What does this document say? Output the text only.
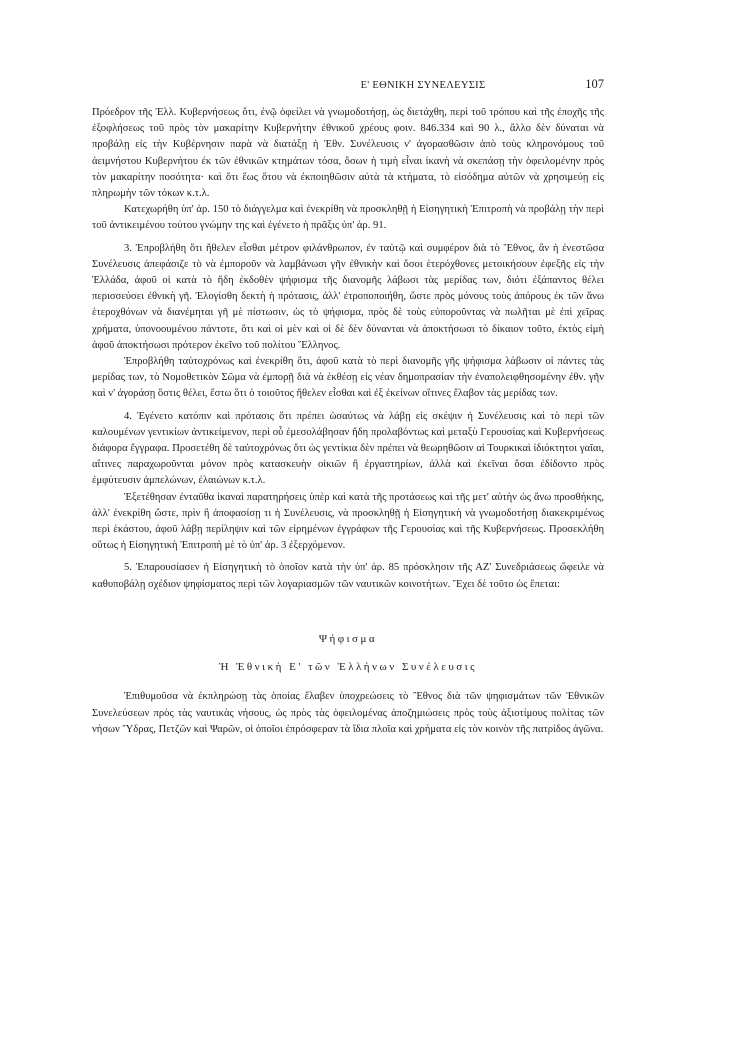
Ε' ΕΘΝΙΚΗ ΣΥΝΕΛΕΥΣΙΣ	107

Πρόεδρον τῆς Ἑλλ. Κυβερνήσεως ὅτι, ἐνῷ ὀφείλει νὰ γνωμοδοτήσῃ, ὡς διετάχθη, περὶ τοῦ τρόπου καὶ τῆς ἐποχῆς τῆς ἐξοφλήσεως τοῦ πρὸς τὸν μακαρίτην Κυβερνήτην ἐθνικοῦ χρέους φοιν. 846.334 καὶ 90 λ., ἄλλο δὲν δύναται νὰ προβάλῃ εἰς τὴν Κυβέρνησιν παρὰ νὰ διατάξῃ ἡ Ἐθν. Συνέλευσις ν' ἀγορασθῶσιν ἀπὸ τοὺς κληρονόμους τοῦ ἀειμνήστου Κυβερνήτου ἐκ τῶν ἐθνικῶν κτημάτων τόσα, ὅσων ἡ τιμὴ εἶναι ἱκανὴ νὰ σκεπάσῃ τὴν ὀφειλομένην πρὸς τὸν μακαρίτην ποσότητα· καὶ ὅτι ἕως ὅτου νὰ ἐκποιηθῶσιν αὐτὰ τὰ κτήματα, τὸ εἰσόδημα αὐτῶν νὰ χρησιμεύῃ εἰς πληρωμὴν τῶν τόκων κ.τ.λ.

Κατεχωρήθη ὑπ' ἀρ. 150 τὸ διάγγελμα καὶ ἐνεκρίθη νὰ προσκληθῇ ἡ Εἰσηγητικὴ Ἐπιτροπὴ νὰ προβάλῃ τὴν περὶ τοῦ ἀντικειμένου τούτου γνώμην της καὶ ἐγένετο ἡ πρᾶξις ὑπ' ἀρ. 91.

3. Ἐπροβλήθη ὅτι ἤθελεν εἶσθαι μέτρον φιλάνθρωπον, ἐν ταὐτῷ καὶ συμφέρον διὰ τὸ Ἔθνος, ἂν ἡ ἐνεστῶσα Συνέλευσις ἀπεφάσιζε τὸ νὰ ἐμποροῦν νὰ λαμβάνωσι γῆν ἐθνικὴν καὶ ὅσοι ἑτερόχθονες μετοικήσουν ἐφεξῆς εἰς τὴν Ἑλλάδα, ἀφοῦ οἱ κατὰ τὸ ἤδη ἐκδοθὲν ψήφισμα τῆς διανομῆς λάβωσι τὰς μερίδας των, διότι ἐξάπαντος θέλει περισσεύσει ἐθνικὴ γῆ. Ἐλογίσθη δεκτὴ ἡ πρότασις, ἀλλ' ἐτροποποιήθη, ὥστε πρὸς μόνους τοὺς ἀπόρους ἐκ τῶν ἄνω ἑτεροχθόνων νὰ διανέμηται γῆ μὲ πίστωσιν, ὡς τὸ ψήφισμα, πρὸς δὲ τοὺς εὐποροῦντας νὰ πωλῆται μὲ ἐπὶ χεῖρας χρήματα, ὑπονοουμένου πάντοτε, ὅτι καὶ οἱ μὲν καὶ οἱ δὲ δὲν δύνανται νὰ ἀποκτήσωσι τὸ δίκαιον τοῦτο, ἐκτὸς εἰμὴ ἀφοῦ ἀποκτήσωσι πρότερον ἐκεῖνο τοῦ πολίτου Ἕλληνος.

Ἐπροβλήθη ταὐτοχρόνως καὶ ἐνεκρίθη ὅτι, ἀφοῦ κατὰ τὸ περὶ διανομῆς γῆς ψήφισμα λάβωσιν οἱ πάντες τὰς μερίδας των, τὸ Νομοθετικὸν Σῶμα νὰ ἐμπορῇ διὰ νὰ ἐκθέσῃ εἰς νέαν δημοπρασίαν τὴν ἐναπολειφθησομένην ἐθν. γῆν καὶ ν' ἀγοράσῃ ὅστις θέλει, ἔστω ὅτι ὁ τοιοῦτος ἤθελεν εἶσθαι καὶ ἐξ ἐκείνων οἵτινες ἔλαβον τὰς μερίδας των.

4. Ἐγένετο κατόπιν καὶ πρότασις ὅτι πρέπει ὡσαύτως νὰ λάβῃ εἰς σκέψιν ἡ Συνέλευσις καὶ τὸ περὶ τῶν καλουμένων γεντικίων ἀντικείμενον, περὶ οὗ ἐμεσολάβησαν ἤδη προλαβόντως καὶ μεταξὺ Γερουσίας καὶ Κυβερνήσεως διάφορα ἔγγραφα. Προσετέθη δὲ ταὐτοχρόνως ὅτι ὡς γεντίκια δὲν πρέπει νὰ θεωρηθῶσιν αἱ Τουρκικαὶ ἰδιόκτητοι γαῖαι, αἵτινες παραχωροῦνται μόνον πρὸς κατασκευὴν οἰκιῶν ἢ ἐργαστηρίων, ἀλλὰ καὶ ἐκεῖναι ὅσαι ἐδίδοντο πρὸς ἐμφύτευσιν ἀμπελώνων, ἐλαιώνων κ.τ.λ.

Ἐξετέθησαν ἐνταῦθα ἱκαναὶ παρατηρήσεις ὑπὲρ καὶ κατὰ τῆς προτάσεως καὶ τῆς μετ' αὐτὴν ὡς ἄνω προσθήκης, ἀλλ' ἐνεκρίθη ὥστε, πρὶν ἢ ἀποφασίσῃ τι ἡ Συνέλευσις, νὰ προσκληθῇ ἡ Εἰσηγητικὴ νὰ γνωμοδοτήσῃ διακεκριμένως περὶ ἑκάστου, ἀφοῦ λάβῃ περίληψιν καὶ τῶν εἰρημένων ἐγγράφων τῆς Γερουσίας καὶ τῆς Κυβερνήσεως. Προσεκλήθη οὕτως ἡ Εἰσηγητικὴ Ἐπιτροπὴ μὲ τὸ ὑπ' ἀρ. 3 ἐξερχόμενον.

5. Ἐπαρουσίασεν ἡ Εἰσηγητικὴ τὸ ὁποῖον κατὰ τὴν ὑπ' ἀρ. 85 πρόσκλησιν τῆς ΑΖ' Συνεδριάσεως ὤφειλε νὰ καθυποβάλῃ σχέδιον ψηφίσματος περὶ τῶν λογαριασμῶν τῶν ναυτικῶν κοινοτήτων. Ἔχει δὲ τοῦτο ὡς ἔπεται:

Ψήφισμα
Ἡ Ἐθνικὴ Ε' τῶν Ἑλλήνων Συνέλευσις

Ἐπιθυμοῦσα νὰ ἐκπληρώσῃ τὰς ὁποίας ἔλαβεν ὑποχρεώσεις τὸ Ἔθνος διὰ τῶν ψηφισμάτων τῶν Ἐθνικῶν Συνελεύσεων πρὸς τὰς ναυτικὰς νήσους, ὡς πρὸς τὰς ὀφειλομένας ἀποζημιώσεις πρὸς τοὺς ἀξιοτίμους πολίτας τῶν νήσων Ὕδρας, Πετζῶν καὶ Ψαρῶν, οἱ ὁποῖοι ἐπρόσφεραν τὰ ἴδια πλοῖα καὶ χρήματα εἰς τὸν κοινὸν τῆς πατρίδος ἀγῶνα.
